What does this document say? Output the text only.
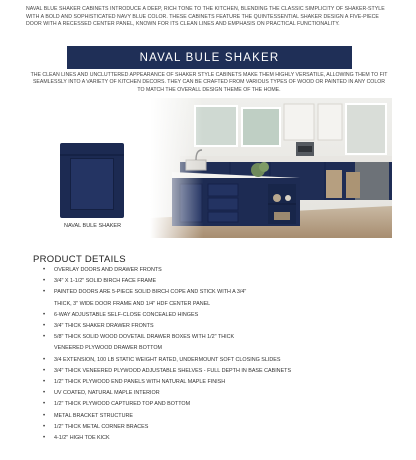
NAVAL BLUE SHAKER CABINETS INTRODUCE A DEEP, RICH TONE TO THE KITCHEN, BLENDING THE CLASSIC SIMPLICITY OF SHAKER-STYLE WITH A BOLD AND SOPHISTICATED NAVY BLUE COLOR. THESE CABINETS FEATURE THE QUINTESSENTIAL SHAKER DESIGN A FIVE-PIECE DOOR WITH A RECESSED CENTER PANEL, KNOWN FOR ITS CLEAN LINES AND EMPHASIS ON PRACTICAL FUNCTIONALITY.
NAVAL BULE SHAKER
THE CLEAN LINES AND UNCLUTTERED APPEARANCE OF SHAKER STYLE CABINETS MAKE THEM HIGHLY VERSATILE, ALLOWING THEM TO FIT SEAMLESSLY INTO A VARIETY OF KITCHEN DECORS. THEY CAN BE CRAFTED FROM VARIOUS TYPES OF WOOD OR PAINTED IN ANY COLOR TO MATCH THE OVERALL DESIGN THEME OF THE HOME.
NAVAL BULE SHAKER
PRODUCT DETAILS
• OVERLAY DOORS AND DRAWER FRONTS
• 3/4" X 1-1/2" SOLID BIRCH FACE FRAME
• PAINTED DOORS ARE 5-PIECE SOLID BIRCH COPE AND STICK WITH A 3/4"
THICK, 3" WIDE DOOR FRAME AND 1/4" HDF CENTER PANEL
• 6-WAY ADJUSTABLE SELF-CLOSE CONCEALED HINGES
• 3/4" THICK SHAKER DRAWER FRONTS
• 5/8" THICK SOLID WOOD DOVETAIL DRAWER BOXES WITH 1/2" THICK
VENEERED PLYWOOD DRAWER BOTTOM
• 3/4 EXTENSION, 100 LB STATIC WEIGHT RATED, UNDERMOUNT SOFT CLOSING SLIDES
• 3/4" THICK VENEERED PLYWOOD ADJUSTABLE SHELVES - FULL DEPTH IN BASE CABINETS
• 1/2" THICK PLYWOOD END PANELS WITH NATURAL MAPLE FINISH
• UV COATED, NATURAL MAPLE INTERIOR
• 1/2" THICK PLYWOOD CAPTURED TOP AND BOTTOM
• METAL BRACKET STRUCTURE
• 1/2" THICK METAL CORNER BRACES
• 4-1/2" HIGH TOE KICK
